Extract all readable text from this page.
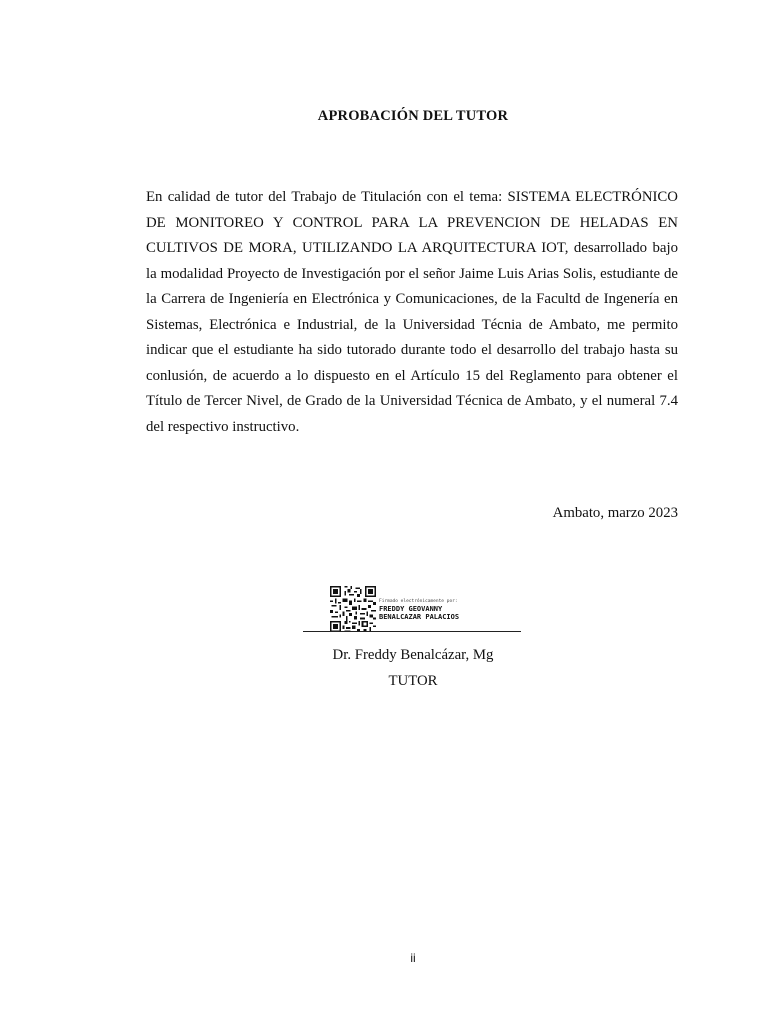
APROBACIÓN DEL TUTOR
En calidad de tutor del Trabajo de Titulación con el tema: SISTEMA ELECTRÓNICO DE MONITOREO Y CONTROL PARA LA PREVENCION DE HELADAS EN CULTIVOS DE MORA, UTILIZANDO LA ARQUITECTURA IOT, desarrollado bajo la modalidad Proyecto de Investigación por el señor Jaime Luis Arias Solis, estudiante de la Carrera de Ingeniería en Electrónica y Comunicaciones, de la Facultd de Ingenería en Sistemas, Electrónica e Industrial, de la Universidad Técnia de Ambato, me permito indicar que el estudiante ha sido tutorado durante todo el desarrollo del trabajo hasta su conlusión, de acuerdo a lo dispuesto en el Artículo 15 del Reglamento para obtener el Título de Tercer Nivel, de Grado de la Universidad Técnica de Ambato, y el numeral 7.4 del respectivo instructivo.
Ambato, marzo 2023
Firmado electrónicamente por:
FREDDY GEOVANNY
BENALCAZAR PALACIOS
Dr. Freddy Benalcázar, Mg
TUTOR
ii
